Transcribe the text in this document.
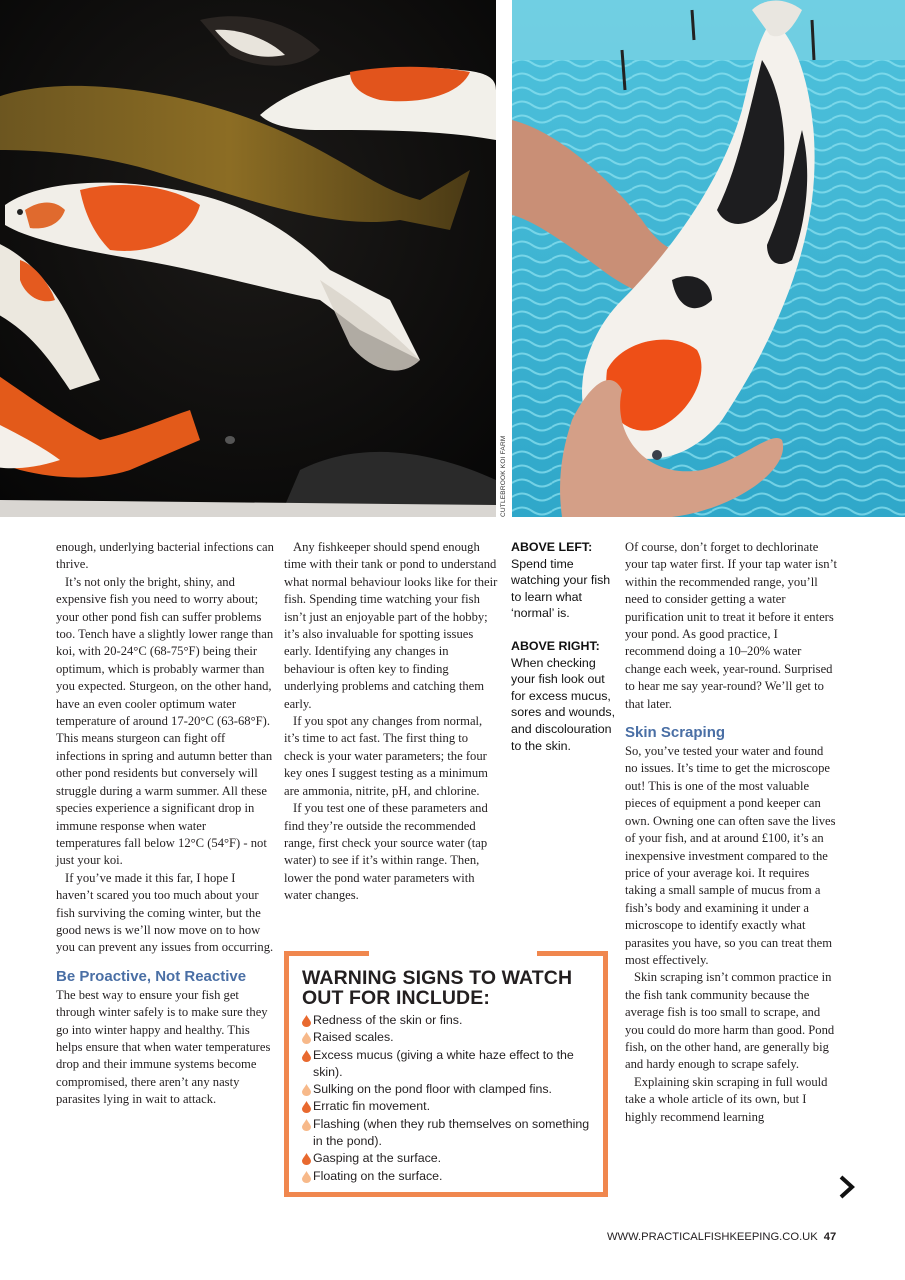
CUTLEBROOK KOI FARM

enough, underlying bacterial infections can thrive.

It’s not only the bright, shiny, and expensive fish you need to worry about; your other pond fish can suffer problems too. Tench have a slightly lower range than koi, with 20-24°C (68-75°F) being their optimum, which is probably warmer than you expected. Sturgeon, on the other hand, have an even cooler optimum water temperature of around 17-20°C (63-68°F). This means sturgeon can fight off infections in spring and autumn better than other pond residents but conversely will struggle during a warm summer. All these species experience a significant drop in immune response when water temperatures fall below 12°C (54°F) - not just your koi.

If you’ve made it this far, I hope I haven’t scared you too much about your fish surviving the coming winter, but the good news is we’ll now move on to how you can prevent any issues from occurring.

Be Proactive, Not Reactive

The best way to ensure your fish get through winter safely is to make sure they go into winter happy and healthy. This helps ensure that when water temperatures drop and their immune systems become compromised, there aren’t any nasty parasites lying in wait to attack.

Any fishkeeper should spend enough time with their tank or pond to understand what normal behaviour looks like for their fish. Spending time watching your fish isn’t just an enjoyable part of the hobby; it’s also invaluable for spotting issues early. Identifying any changes in behaviour is often key to finding underlying problems and catching them early.

If you spot any changes from normal, it’s time to act fast. The first thing to check is your water parameters; the four key ones I suggest testing as a minimum are ammonia, nitrite, pH, and chlorine.

If you test one of these parameters and find they’re outside the recommended range, first check your source water (tap water) to see if it’s within range. Then, lower the pond water parameters with water changes.

ABOVE LEFT:
Spend time watching your fish to learn what ‘normal’ is.
ABOVE RIGHT:
When checking your fish look out for excess mucus, sores and wounds, and discolouration to the skin.
WARNING SIGNS TO WATCH OUT FOR INCLUDE:
Redness of the skin or fins.
Raised scales.
Excess mucus (giving a white haze effect to the skin).
Sulking on the pond floor with clamped fins.
Erratic fin movement.
Flashing (when they rub themselves on something in the pond).
Gasping at the surface.
Floating on the surface.

Of course, don’t forget to dechlorinate your tap water first. If your tap water isn’t within the recommended range, you’ll need to consider getting a water purification unit to treat it before it enters your pond. As good practice, I recommend doing a 10–20% water change each week, year-round. Surprised to hear me say year-round? We’ll get to that later.

Skin Scraping

So, you’ve tested your water and found no issues. It’s time to get the microscope out! This is one of the most valuable pieces of equipment a pond keeper can own. Owning one can often save the lives of your fish, and at around £100, it’s an inexpensive investment compared to the price of your average koi. It requires taking a small sample of mucus from a fish’s body and examining it under a microscope to identify exactly what parasites you have, so you can treat them most effectively.

Skin scraping isn’t common practice in the fish tank community because the average fish is too small to scrape, and you could do more harm than good. Pond fish, on the other hand, are generally big and hardy enough to scrape safely.

Explaining skin scraping in full would take a whole article of its own, but I highly recommend learning

WWW.PRACTICALFISHKEEPING.CO.UK 47
